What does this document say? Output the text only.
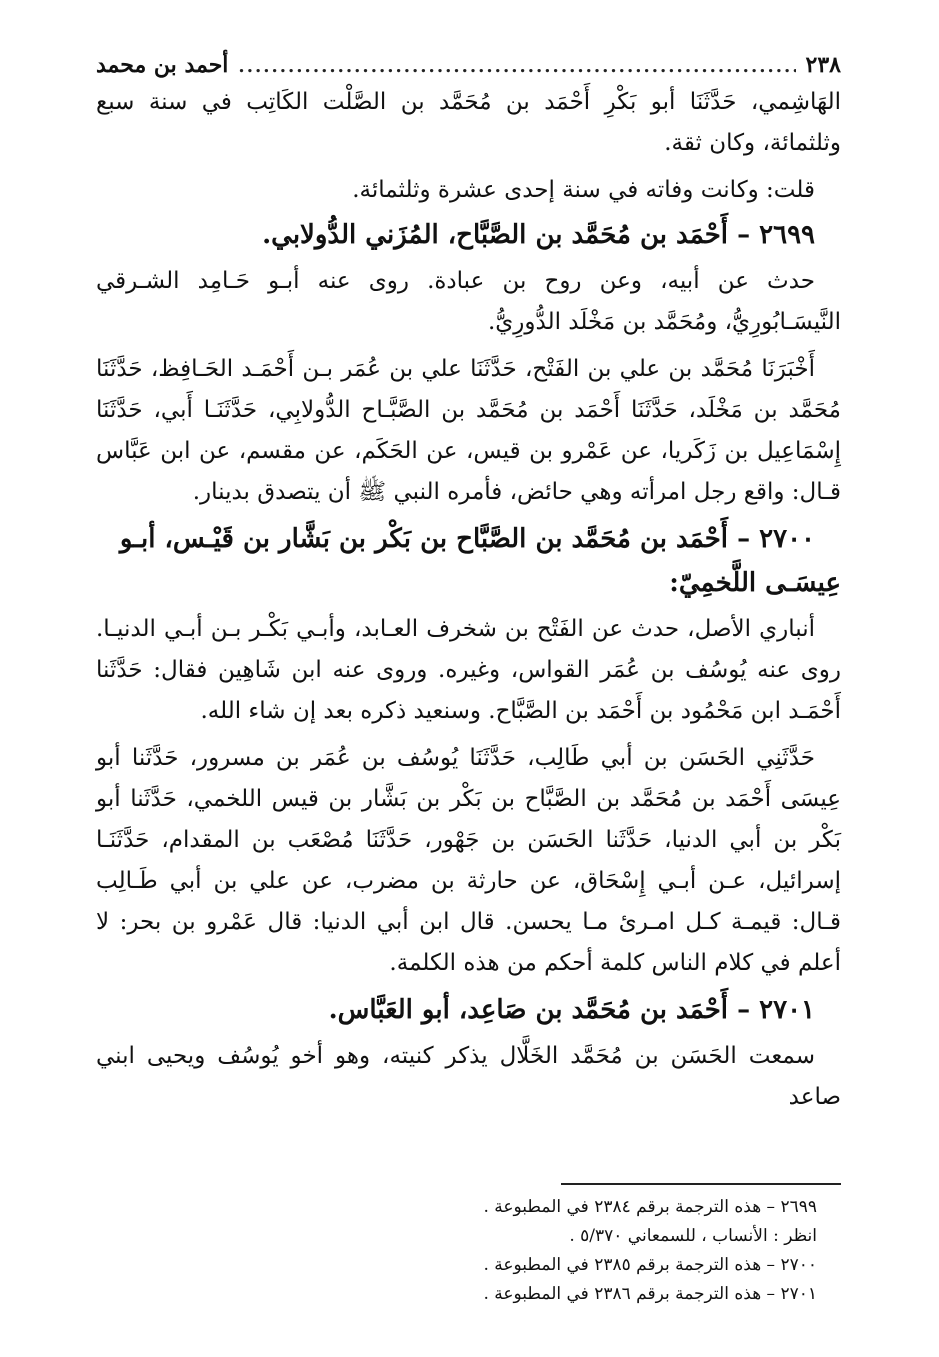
٢٣٨
.....
أحمد بن محمد

الهَاشِمي، حَدَّثَنَا أبو بَكْرِ أَحْمَد بن مُحَمَّد بن الصَّلْت الكَاتِب في سنة سبع وثلثمائة، وكان ثقة.

قلت: وكانت وفاته في سنة إحدى عشرة وثلثمائة.

٢٦٩٩ – أَحْمَد بن مُحَمَّد بن الصَّبَّاح، المُزَني الدُّولابي.

حدث عن أبيه، وعن روح بن عبادة. روى عنه أبـو حَـامِد الشـرقي النَّيسَـابُورِيُّ، ومُحَمَّد بن مَخْلَد الدُّورِيُّ.

أَخْبَرَنَا مُحَمَّد بن علي بن الفَتْح، حَدَّثَنَا علي بن عُمَر بـن أَحْمَـد الحَـافِظ، حَدَّثَنَا مُحَمَّد بن مَخْلَد، حَدَّثَنَا أَحْمَد بن مُحَمَّد بن الصَّبَّـاح الدُّولابِي، حَدَّثَنَـا أَبي، حَدَّثَنَا إِسْمَاعِيل بن زَكَريا، عن عَمْرو بن قيس، عن الحَكَم، عن مقسم، عن ابن عَبَّاس قـال: واقع رجل امرأته وهي حائض، فأمره النبي ﷺ أن يتصدق بدينار.

٢٧٠٠ – أَحْمَد بن مُحَمَّد بن الصَّبَّاح بن بَكْر بن بَشَّار بن قَيْـس، أبـو عِيسَـى اللَّخمِيّ:

أنباري الأصل، حدث عن الفَتْح بن شخرف العـابد، وأبـي بَكْـر بـن أبـي الدنيـا. روى عنه يُوسُف بن عُمَر القواس، وغيره. وروى عنه ابن شَاهِين فقال: حَدَّثَنا أَحْمَـد ابن مَحْمُود بن أَحْمَد بن الصَّبَّاح. وسنعيد ذكره بعد إن شاء الله.

حَدَّثَنِي الحَسَن بن أبي طَالِب، حَدَّثَنَا يُوسُف بن عُمَر بن مسرور، حَدَّثَنا أبو عِيسَى أَحْمَد بن مُحَمَّد بن الصَّبَّاح بن بَكْر بن بَشَّار بن قيس اللخمي، حَدَّثَنا أبو بَكْر بن أبي الدنيا، حَدَّثَنا الحَسَن بن جَهْور، حَدَّثَنَا مُصْعَب بن المقدام، حَدَّثَنَـا إسرائيل، عـن أبـي إِسْحَاق، عن حارثة بن مضرب، عن علي بن أبي طَـالِب قـال: قيمـة كـل امـرئ مـا يحسن. قال ابن أبي الدنيا: قال عَمْرو بن بحر: لا أعلم في كلام الناس كلمة أحكم من هذه الكلمة.

٢٧٠١ – أَحْمَد بن مُحَمَّد بن صَاعِد، أبو العَبَّاس.

سمعت الحَسَن بن مُحَمَّد الخَلَّال يذكر كنيته، وهو أخو يُوسُف ويحيى ابني صاعد

٢٦٩٩ – هذه الترجمة برقم ٢٣٨٤ في المطبوعة .
انظر : الأنساب ، للسمعاني ٥/٣٧٠ .
٢٧٠٠ – هذه الترجمة برقم ٢٣٨٥ في المطبوعة .
٢٧٠١ – هذه الترجمة برقم ٢٣٨٦ في المطبوعة .
